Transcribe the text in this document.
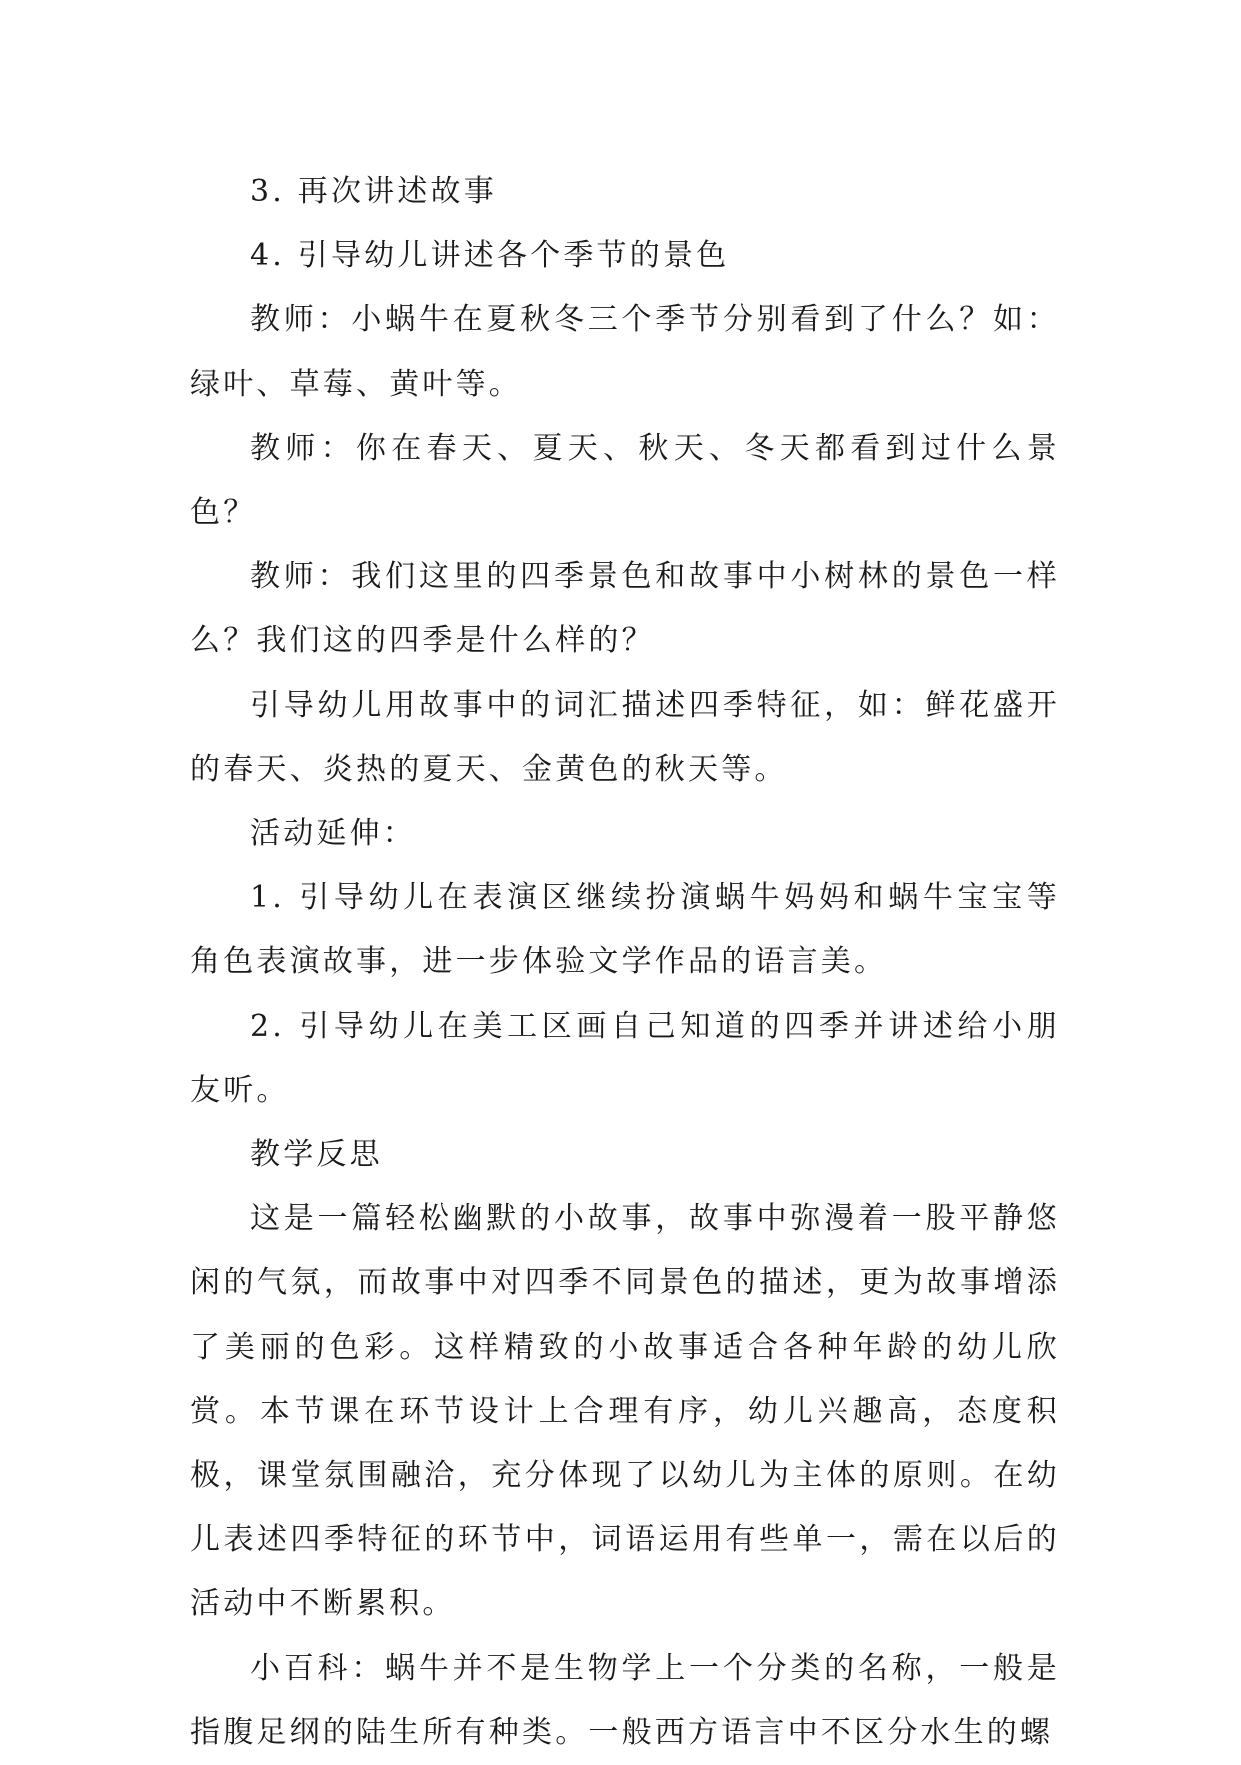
3. 再次讲述故事

4. 引导幼儿讲述各个季节的景色

教师：小蜗牛在夏秋冬三个季节分别看到了什么？如：绿叶、草莓、黄叶等。

教师：你在春天、夏天、秋天、冬天都看到过什么景色？

教师：我们这里的四季景色和故事中小树林的景色一样么？我们这的四季是什么样的？

引导幼儿用故事中的词汇描述四季特征，如：鲜花盛开的春天、炎热的夏天、金黄色的秋天等。

活动延伸：

1. 引导幼儿在表演区继续扮演蜗牛妈妈和蜗牛宝宝等角色表演故事，进一步体验文学作品的语言美。

2. 引导幼儿在美工区画自己知道的四季并讲述给小朋友听。

教学反思

这是一篇轻松幽默的小故事，故事中弥漫着一股平静悠闲的气氛，而故事中对四季不同景色的描述，更为故事增添了美丽的色彩。这样精致的小故事适合各种年龄的幼儿欣赏。本节课在环节设计上合理有序，幼儿兴趣高，态度积极，课堂氛围融洽，充分体现了以幼儿为主体的原则。在幼儿表述四季特征的环节中，词语运用有些单一，需在以后的活动中不断累积。

小百科：蜗牛并不是生物学上一个分类的名称，一般是指腹足纲的陆生所有种类。一般西方语言中不区分水生的螺
